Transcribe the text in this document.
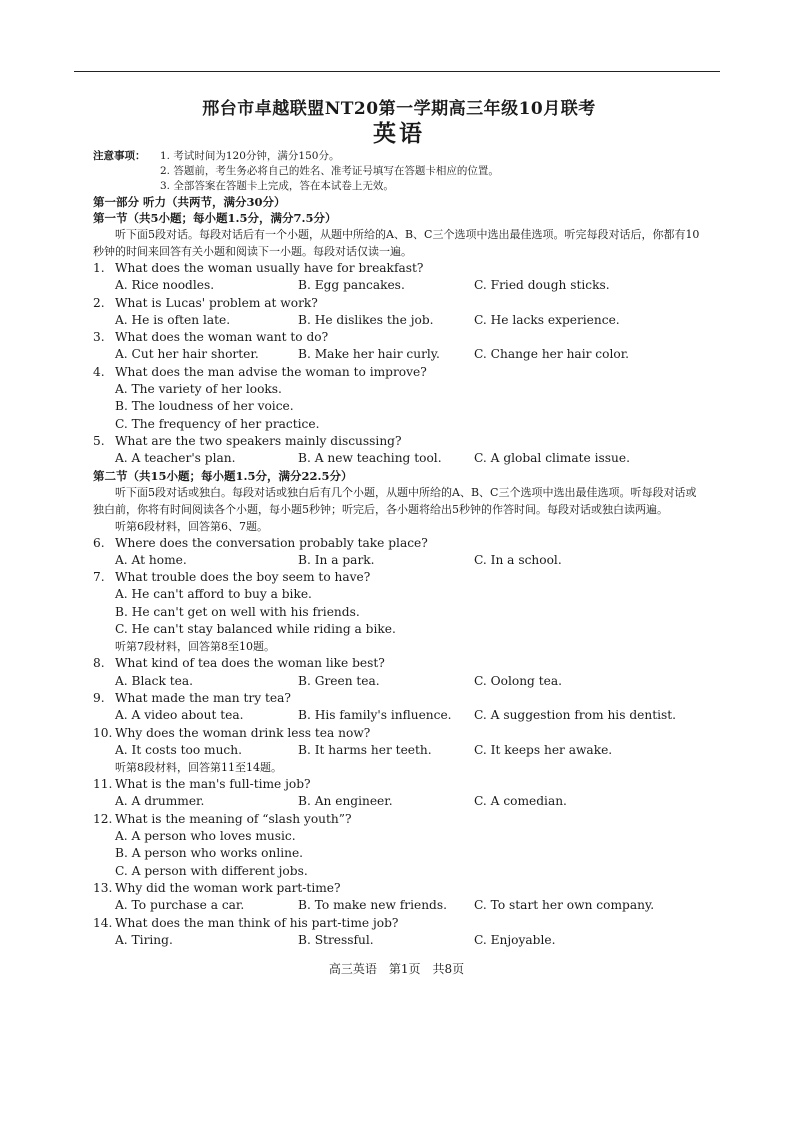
邢台市卓越联盟NT20第一学期高三年级10月联考
英语
注意事项：	1. 考试时间为120分钟，满分150分。
2. 答题前，考生务必将自己的姓名、准考证号填写在答题卡相应的位置。
3. 全部答案在答题卡上完成，答在本试卷上无效。
第一部分 听力（共两节，满分30分）
第一节（共5小题；每小题1.5分，满分7.5分）
听下面5段对话。每段对话后有一个小题，从题中所给的A、B、C三个选项中选出最佳选项。听完每段对话后，你都有10秒钟的时间来回答有关小题和阅读下一小题。每段对话仅读一遍。
1. What does the woman usually have for breakfast?
A. Rice noodles.	B. Egg pancakes.	C. Fried dough sticks.
2. What is Lucas' problem at work?
A. He is often late.	B. He dislikes the job.	C. He lacks experience.
3. What does the woman want to do?
A. Cut her hair shorter.	B. Make her hair curly.	C. Change her hair color.
4. What does the man advise the woman to improve?
A. The variety of her looks.
B. The loudness of her voice.
C. The frequency of her practice.
5. What are the two speakers mainly discussing?
A. A teacher's plan.	B. A new teaching tool.	C. A global climate issue.
第二节（共15小题；每小题1.5分，满分22.5分）
听下面5段对话或独白。每段对话或独白后有几个小题，从题中所给的A、B、C三个选项中选出最佳选项。听每段对话或独白前，你将有时间阅读各个小题，每小题5秒钟；听完后，各小题将给出5秒钟的作答时间。每段对话或独白读两遍。
听第6段材料，回答第6、7题。
6. Where does the conversation probably take place?
A. At home.	B. In a park.	C. In a school.
7. What trouble does the boy seem to have?
A. He can't afford to buy a bike.
B. He can't get on well with his friends.
C. He can't stay balanced while riding a bike.
听第7段材料，回答第8至10题。
8. What kind of tea does the woman like best?
A. Black tea.	B. Green tea.	C. Oolong tea.
9. What made the man try tea?
A. A video about tea.	B. His family's influence.	C. A suggestion from his dentist.
10. Why does the woman drink less tea now?
A. It costs too much.	B. It harms her teeth.	C. It keeps her awake.
听第8段材料，回答第11至14题。
11. What is the man's full-time job?
A. A drummer.	B. An engineer.	C. A comedian.
12. What is the meaning of “slash youth”?
A. A person who loves music.
B. A person who works online.
C. A person with different jobs.
13. Why did the woman work part-time?
A. To purchase a car.	B. To make new friends.	C. To start her own company.
14. What does the man think of his part-time job?
A. Tiring.	B. Stressful.	C. Enjoyable.
高三英语　第1页　共8页
